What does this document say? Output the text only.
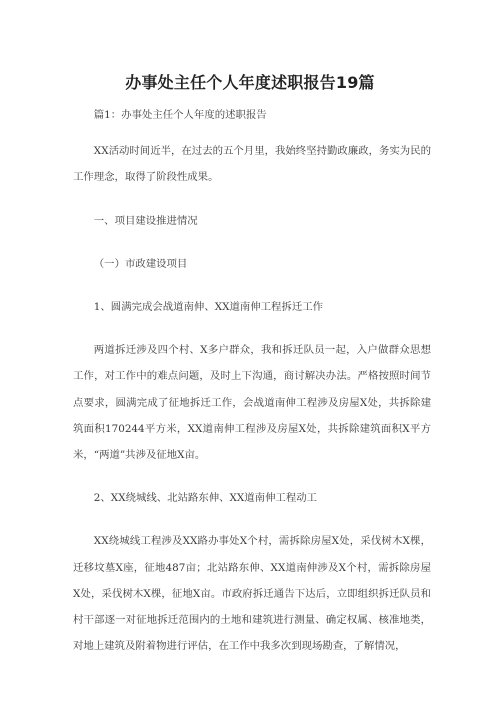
办事处主任个人年度述职报告19篇

篇1：办事处主任个人年度的述职报告

XX活动时间近半，在过去的五个月里，我始终坚持勤政廉政，务实为民的工作理念，取得了阶段性成果。

一、项目建设推进情况

（一）市政建设项目

1、圆满完成会战道南伸、XX道南伸工程拆迁工作

两道拆迁涉及四个村、X多户群众，我和拆迁队员一起，入户做群众思想工作，对工作中的难点问题，及时上下沟通，商讨解决办法。严格按照时间节点要求，圆满完成了征地拆迁工作，会战道南伸工程涉及房屋X处，共拆除建筑面积170244平方米，XX道南伸工程涉及房屋X处，共拆除建筑面积X平方米，“两道”共涉及征地X亩。

2、XX绕城线、北站路东伸、XX道南伸工程动工

XX绕城线工程涉及XX路办事处X个村，需拆除房屋X处，采伐树木X棵，迁移坟墓X座，征地487亩；北站路东伸、XX道南伸涉及X个村，需拆除房屋X处，采伐树木X棵，征地X亩。市政府拆迁通告下达后，立即组织拆迁队员和村干部逐一对征地拆迁范围内的土地和建筑进行测量、确定权属、核准地类，对地上建筑及附着物进行评估，在工作中我多次到现场勘查，了解情况，
